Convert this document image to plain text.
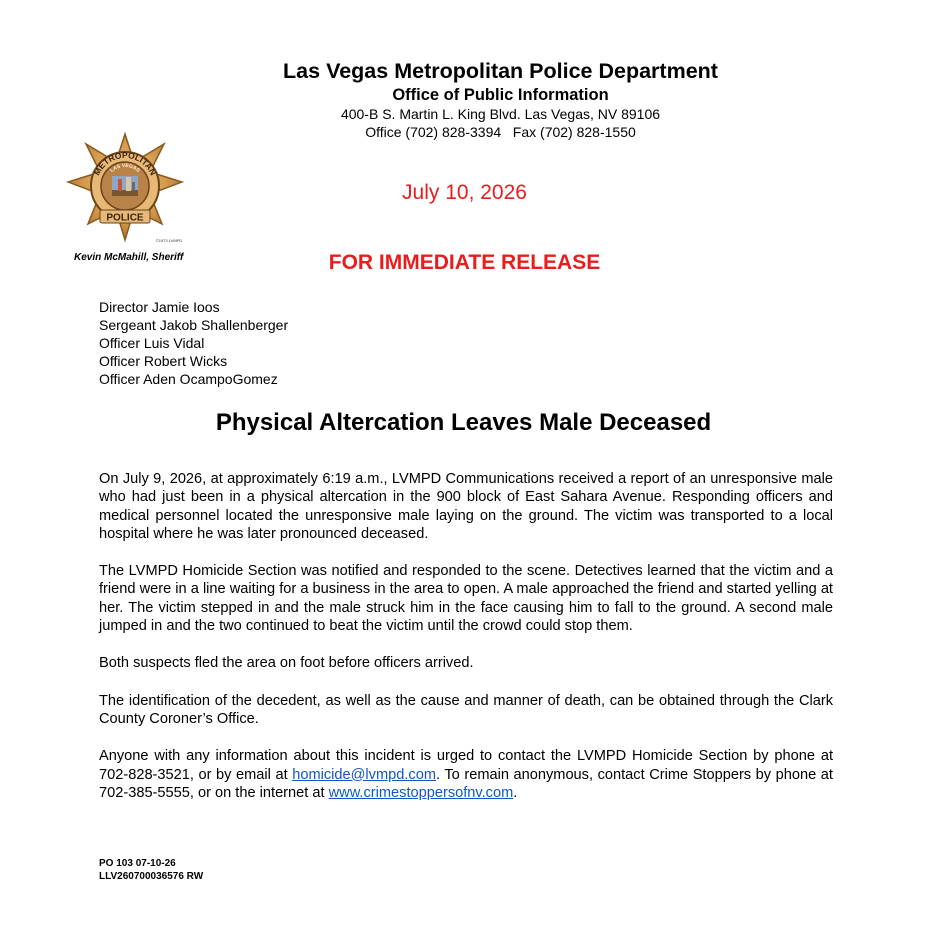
Las Vegas Metropolitan Police Department
Office of Public Information
400-B S. Martin L. King Blvd. Las Vegas, NV 89106
Office (702) 828-3394   Fax (702) 828-1550
METROPOLITAN
LAS VEGAS
POLICE
©1973 LVMPD
Kevin McMahill, Sheriff
July 10, 2026
FOR IMMEDIATE RELEASE
Director Jamie Ioos
Sergeant Jakob Shallenberger
Officer Luis Vidal
Officer Robert Wicks
Officer Aden OcampoGomez
Physical Altercation Leaves Male Deceased

On July 9, 2026, at approximately 6:19 a.m., LVMPD Communications received a report of an unresponsive male who had just been in a physical altercation in the 900 block of East Sahara Avenue. Responding officers and medical personnel located the unresponsive male laying on the ground. The victim was transported to a local hospital where he was later pronounced deceased.

The LVMPD Homicide Section was notified and responded to the scene. Detectives learned that the victim and a friend were in a line waiting for a business in the area to open. A male approached the friend and started yelling at her. The victim stepped in and the male struck him in the face causing him to fall to the ground. A second male jumped in and the two continued to beat the victim until the crowd could stop them.

Both suspects fled the area on foot before officers arrived.

The identification of the decedent, as well as the cause and manner of death, can be obtained through the Clark County Coroner’s Office.

Anyone with any information about this incident is urged to contact the LVMPD Homicide Section by phone at 702-828-3521, or by email at homicide@lvmpd.com. To remain anonymous, contact Crime Stoppers by phone at 702-385-5555, or on the internet at www.crimestoppersofnv.com.

PO 103 07-10-26
LLV260700036576 RW
